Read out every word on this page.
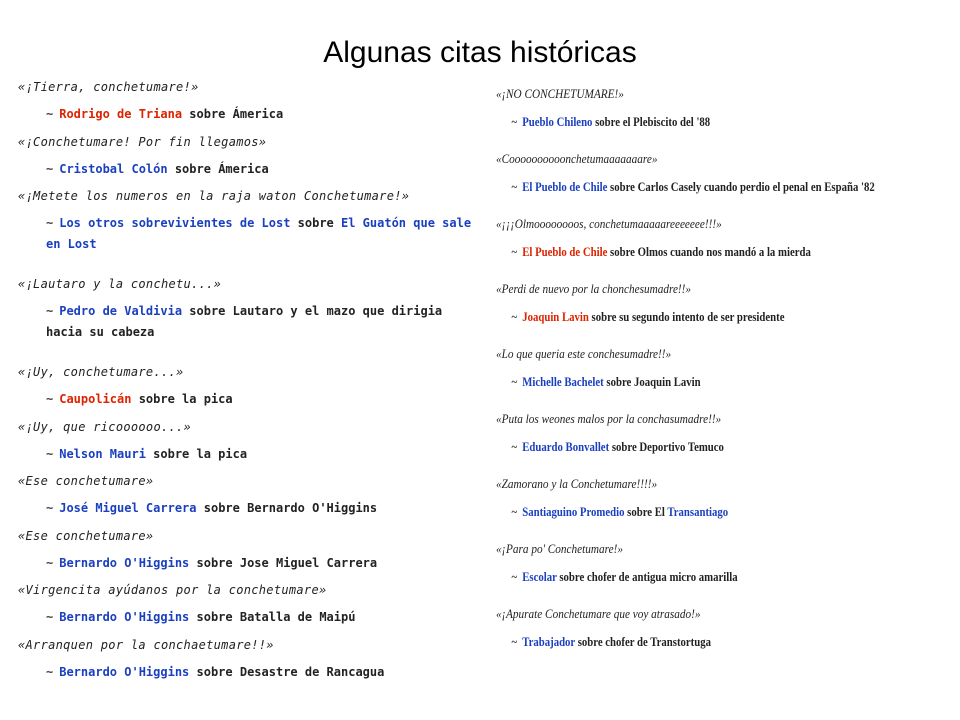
Algunas citas históricas
«¡Tierra, conchetumare!»
~ Rodrigo de Triana sobre Ámerica
«¡Conchetumare! Por fin llegamos»
~ Cristobal Colón sobre Ámerica
«¡Metete los numeros en la raja waton Conchetumare!»
~ Los otros sobrevivientes de Lost sobre El Guatón que sale en Lost
«¡Lautaro y la conchetu...»
~ Pedro de Valdivia sobre Lautaro y el mazo que dirigia hacia su cabeza
«¡Uy, conchetumare...»
~ Caupolicán sobre la pica
«¡Uy, que ricoooooo...»
~ Nelson Mauri sobre la pica
«Ese conchetumare»
~ José Miguel Carrera sobre Bernardo O'Higgins
«Ese conchetumare»
~ Bernardo O'Higgins sobre Jose Miguel Carrera
«Virgencita ayúdanos por la conchetumare»
~ Bernardo O'Higgins sobre Batalla de Maipú
«Arranquen por la conchaetumare!!»
~ Bernardo O'Higgins sobre Desastre de Rancagua
«¡NO CONCHETUMARE!»
~ Pueblo Chileno sobre el Plebiscito del '88
«Coooooooooonchetumaaaaaaare»
~ El Pueblo de Chile sobre Carlos Casely cuando perdio el penal en España '82
«¡¡¡Olmoooooooos, conchetumaaaaareeeeeee!!!»
~ El Pueblo de Chile sobre Olmos cuando nos mandó a la mierda
«Perdi de nuevo por la chonchesumadre!!»
~ Joaquin Lavin sobre su segundo intento de ser presidente
«Lo que queria este conchesumadre!!»
~ Michelle Bachelet sobre Joaquin Lavin
«Puta los weones malos por la conchasumadre!!»
~ Eduardo Bonvallet sobre Deportivo Temuco
«Zamorano y la Conchetumare!!!!»
~ Santiaguino Promedio sobre El Transantiago
«¡Para po' Conchetumare!»
~ Escolar sobre chofer de antigua micro amarilla
«¡Apurate Conchetumare que voy atrasado!»
~ Trabajador sobre chofer de Transtortuga
